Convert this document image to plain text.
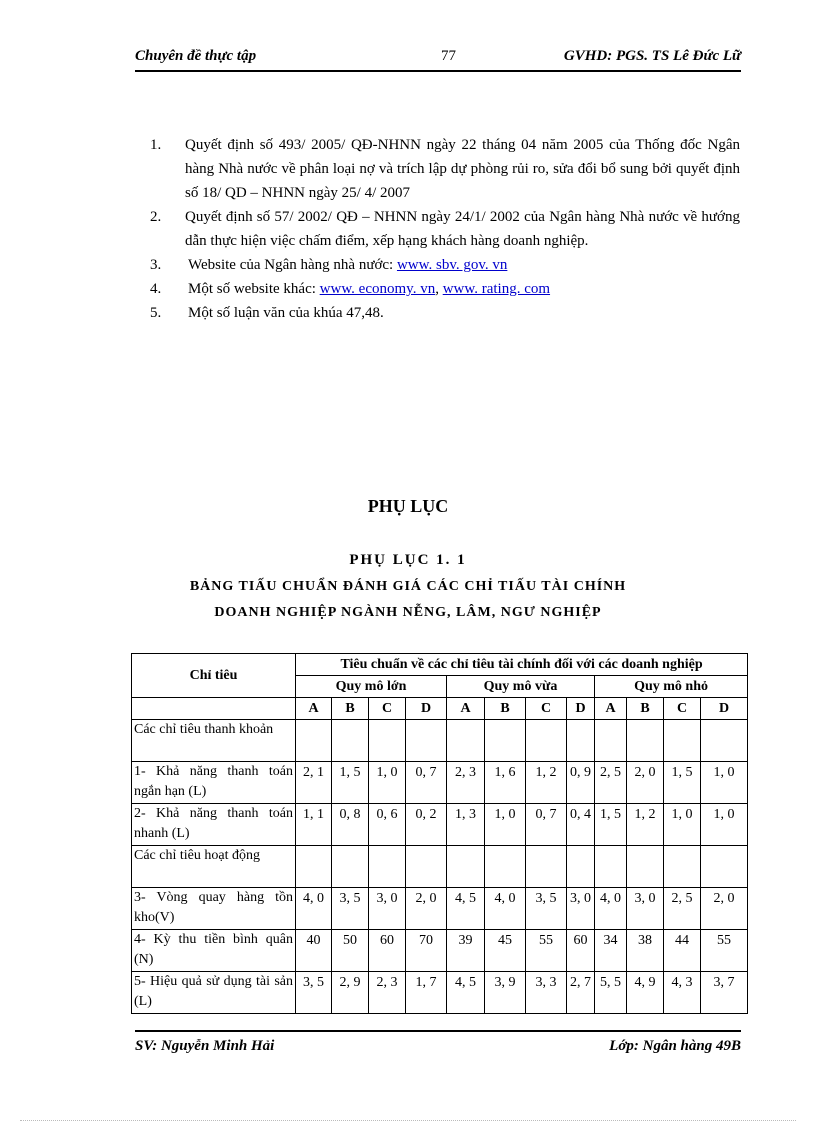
Chuyên đề thực tập	77	GVHD: PGS. TS Lê Đức Lữ
1.	Quyết định số 493/ 2005/ QĐ-NHNN ngày 22 tháng 04 năm 2005 của Thống đốc Ngân hàng Nhà nước về phân loại nợ và trích lập dự phòng rủi ro, sửa đổi bổ sung bởi quyết định số 18/ QD – NHNN ngày 25/ 4/ 2007
2.	Quyết định số 57/ 2002/ QĐ – NHNN ngày 24/1/ 2002 của Ngân hàng Nhà nước về hướng dẫn thực hiện việc chấm điểm, xếp hạng khách hàng doanh nghiệp.
3.	Website của Ngân hàng nhà nước: www. sbv. gov. vn
4.	Một số website khác: www. economy. vn, www. rating. com
5.	Một số luận văn của khúa 47,48.
PHỤ LỤC
PHỤ LỤC 1. 1
BẢNG TIẤU CHUẨN ĐÁNH GIÁ CÁC CHỈ TIẤU TÀI CHÍNH
DOANH NGHIỆP NGÀNH NỄNG, LÂM, NGƯ NGHIỆP
Chỉ tiêu	Tiêu chuẩn về các chỉ tiêu tài chính đối với các doanh nghiệp											
	Quy mô lớn				Quy mô vừa				Quy mô nhỏ			
	A	B	C	D	A	B	C	D	A	B	C	D
Các chỉ tiêu thanh khoản												
1- Khả năng thanh toán ngắn hạn (L)	2, 1	1, 5	1, 0	0, 7	2, 3	1, 6	1, 2	0, 9	2, 5	2, 0	1, 5	1, 0
2- Khả năng thanh toán nhanh (L)	1, 1	0, 8	0, 6	0, 2	1, 3	1, 0	0, 7	0, 4	1, 5	1, 2	1, 0	1, 0
Các chỉ tiêu hoạt động												
3- Vòng quay hàng tồn kho(V)	4, 0	3, 5	3, 0	2, 0	4, 5	4, 0	3, 5	3, 0	4, 0	3, 0	2, 5	2, 0
4- Kỳ thu tiền bình quân (N)	40	50	60	70	39	45	55	60	34	38	44	55
5- Hiệu quả sử dụng tài sản (L)	3, 5	2, 9	2, 3	1, 7	4, 5	3, 9	3, 3	2, 7	5, 5	4, 9	4, 3	3, 7
SV: Nguyễn Minh Hải	Lớp: Ngân hàng 49B
